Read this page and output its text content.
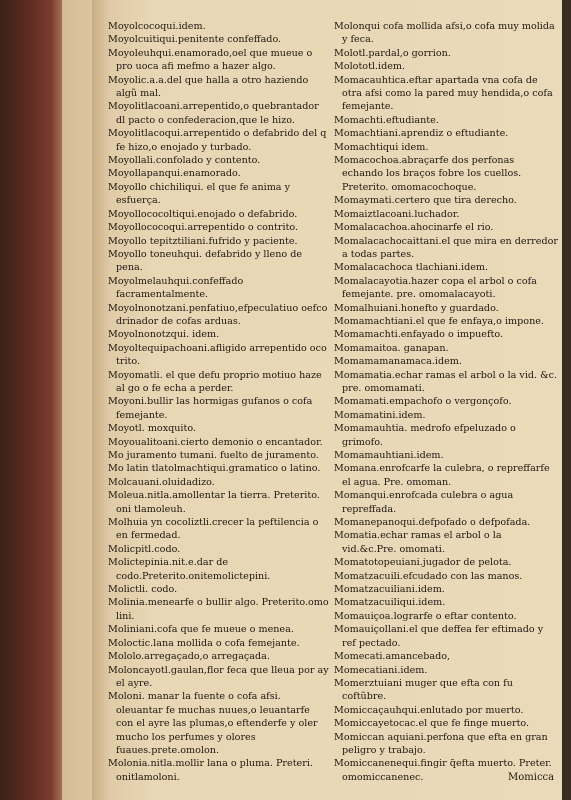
Moyolcocoqui.idem.

Moyolcuitiqui.penitente confeffado.

Moyoleuhqui.enamorado,oel que mueue o pro uoca afi mefmo a hazer algo.

Moyolic.a.a.del que halla a otro haziendo algũ mal.

Moyolitlacoani.arrepentido,o quebrantador dl pacto o confederacion,que le hizo.

Moyolitlacoqui.arrepentido o defabrido del q fe hizo,o enojado y turbado.

Moyollali.confolado y contento.

Moyollapanqui.enamorado.

Moyollo chichiliqui. el que fe anima y esfuerça.

Moyollococoltiqui.enojado o defabrido.

Moyollococoqui.arrepentido o contrito.

Moyollo tepitztiliani.fufrido y paciente.

Moyollo toneuhqui. defabrido y lleno de pena.

Moyolmelauhqui.confeffado facramentalmente.

Moyolnonotzani.penfatiuo,efpeculatiuo oefco drinador de cofas arduas.

Moyolnonotzqui. idem.

Moyoltequipachoani.afligido arrepentido oco trito.

Moyomatli. el que defu proprio motiuo haze al go o fe echa a perder.

Moyoni.bullir las hormigas gufanos o cofa femejante.

Moyotl. moxquito.

Moyoualitoani.cierto demonio o encantador.

Mo juramento tumani. fuelto de juramento.

Mo latin tlatolmachtiqui.gramatico o latino.

Molcauani.oluidadizo.

Moleua.nitla.amollentar la tierra. Preterito. oni tlamoleuh.

Molhuia yn cocoliztli.crecer la peftilencia o en fermedad.

Molicpitl.codo.

Molictepinia.nit.e.dar de codo.Preterito.onitemolictepini.

Molictli. codo.

Molinia.menearfe o bullir algo. Preterito.omo lini.

Moliniani.cofa que fe mueue o menea.

Moloctic.lana mollida o cofa femejante.

Mololo.arregaçado,o arregaçada.

Moloncayotl.gaulan,flor feca que lleua por ay el ayre.

Moloni. manar la fuente o cofa afsi. oleuantar fe muchas nuues,o leuantarfe con el ayre las plumas,o eftenderfe y oler mucho los perfumes y olores fuaues.prete.omolon.

Molonia.nitla.mollir lana o pluma. Preteri. onitlamoloni.

Molonqui cofa mollida afsi,o cofa muy molida y feca.

Molotl.pardal,o gorrion.

Molototl.idem.

Momacauhtica.eftar apartada vna cofa de otra afsi como la pared muy hendida,o cofa femejante.

Momachti.eftudiante.

Momachtiani.aprendiz o eftudiante.

Momachtiqui idem.

Momacochoa.abraçarfe dos perfonas echando los braços fobre los cuellos. Preterito. omomacochoque.

Momaymati.certero que tira derecho.

Momaiztlacoani.luchador.

Momalacachoa.ahocinarfe el rio.

Momalacachocaittani.el que mira en derredor a todas partes.

Momalacachoca tlachiani.idem.

Momalacayotia.hazer copa el arbol o cofa femejante. pre. omomalacayoti.

Momalhuiani.honefto y guardado.

Momamachtiani.el que fe enfaya,o impone.

Momamachti.enfayado o impuefto.

Momamaitoa. ganapan.

Momamamanamaca.idem.

Momamatia.echar ramas el arbol o la vid. &c. pre. omomamati.

Momamati.empachofo o vergonçofo.

Momamatini.idem.

Momamauhtia. medrofo efpeluzado o grimofo.

Momamauhtiani.idem.

Momana.enrofcarfe la culebra, o repreffarfe el agua. Pre. omoman.

Momanqui.enrofcada culebra o agua repreffada.

Momanepanoqui.defpofado o defpofada.

Momatia.echar ramas el arbol o la vid.&c.Pre. omomati.

Momatotopeuiani.jugador de pelota.

Momatzacuili.efcudado con las manos.

Momatzacuiliani.idem.

Momatzacuiliqui.idem.

Momauiçoa.lograrfe o eftar contento.

Momauiçollani.el que deffea fer eftimado y ref pectado.

Momecati.amancebado,

Momecatiani.idem.

Momerztuiani muger que efta con fu coftũbre.

Momiccaçauhqui.enlutado por muerto.

Momiccayetocac.el que fe finge muerto.

Momiccan aquiani.perfona que efta en gran peligro y trabajo.

Momiccanenequi.fingir q̃efta muerto. Preter. omomiccanenec.	Momicca
